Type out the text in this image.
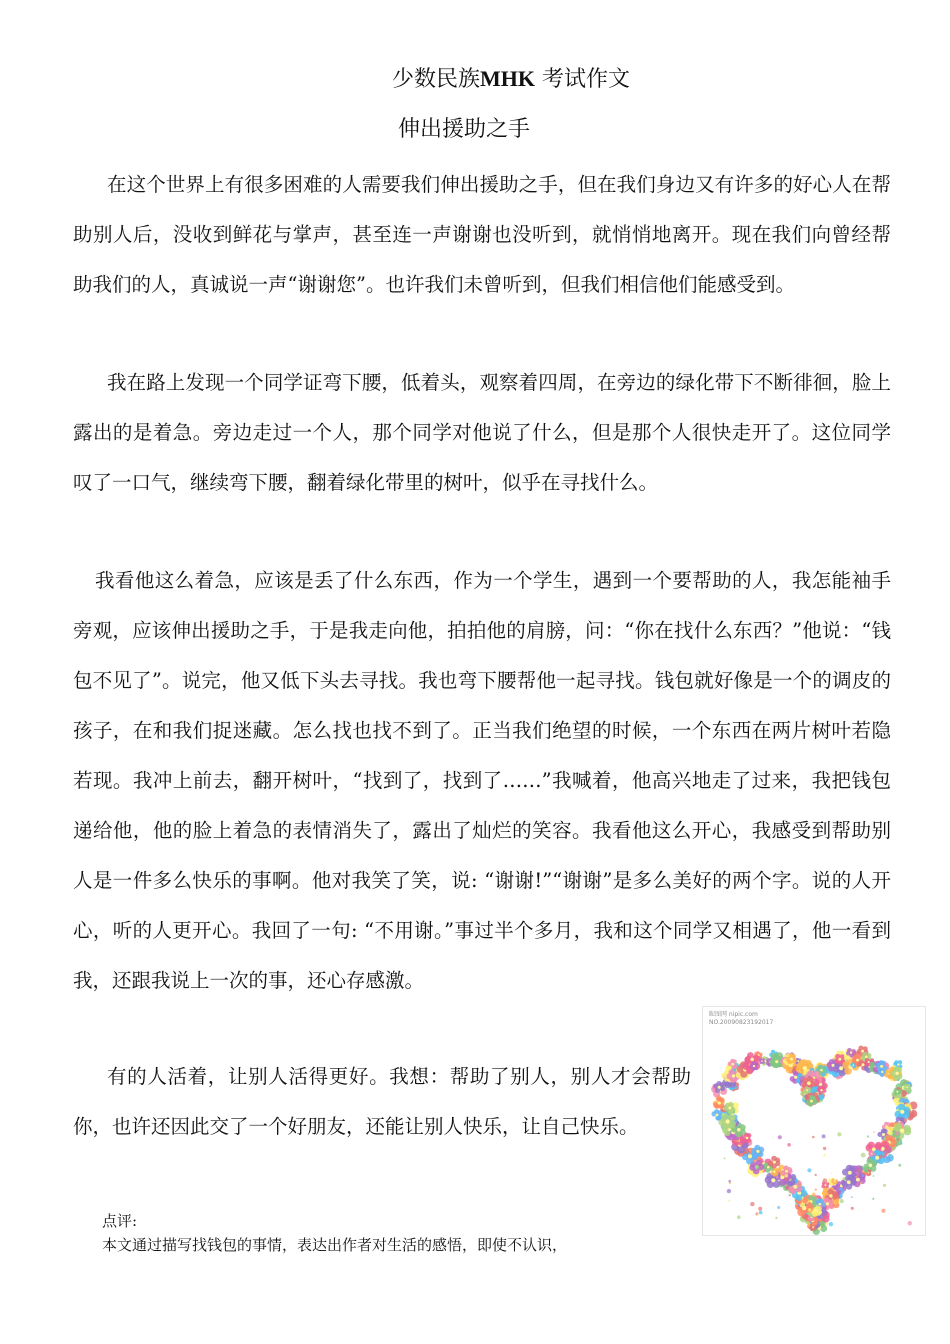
少数民族MHK 考试作文
伸出援助之手

在这个世界上有很多困难的人需要我们伸出援助之手，但在我们身边又有许多的好心人在帮助别人后，没收到鲜花与掌声，甚至连一声谢谢也没听到，就悄悄地离开。现在我们向曾经帮助我们的人，真诚说一声“谢谢您”。也许我们未曾听到，但我们相信他们能感受到。

我在路上发现一个同学证弯下腰，低着头，观察着四周，在旁边的绿化带下不断徘徊，脸上露出的是着急。旁边走过一个人，那个同学对他说了什么，但是那个人很快走开了。这位同学叹了一口气，继续弯下腰，翻着绿化带里的树叶，似乎在寻找什么。

我看他这么着急，应该是丢了什么东西，作为一个学生，遇到一个要帮助的人，我怎能袖手旁观，应该伸出援助之手，于是我走向他，拍拍他的肩膀，问：“你在找什么东西？”他说：“钱包不见了”。说完，他又低下头去寻找。我也弯下腰帮他一起寻找。钱包就好像是一个的调皮的孩子，在和我们捉迷藏。怎么找也找不到了。正当我们绝望的时候，一个东西在两片树叶若隐若现。我冲上前去，翻开树叶，“找到了，找到了……”我喊着，他高兴地走了过来，我把钱包递给他，他的脸上着急的表情消失了，露出了灿烂的笑容。我看他这么开心，我感受到帮助别人是一件多么快乐的事啊。他对我笑了笑，说: “谢谢!”“谢谢”是多么美好的两个字。说的人开心，听的人更开心。我回了一句: “不用谢。”事过半个多月，我和这个同学又相遇了，他一看到我，还跟我说上一次的事，还心存感激。

有的人活着，让别人活得更好。我想：帮助了别人，别人才会帮助你，也许还因此交了一个好朋友，还能让别人快乐，让自己快乐。

昵图网 nipic.com
NO.20090823192017
点评:
本文通过描写找钱包的事情，表达出作者对生活的感悟，即使不认识，
